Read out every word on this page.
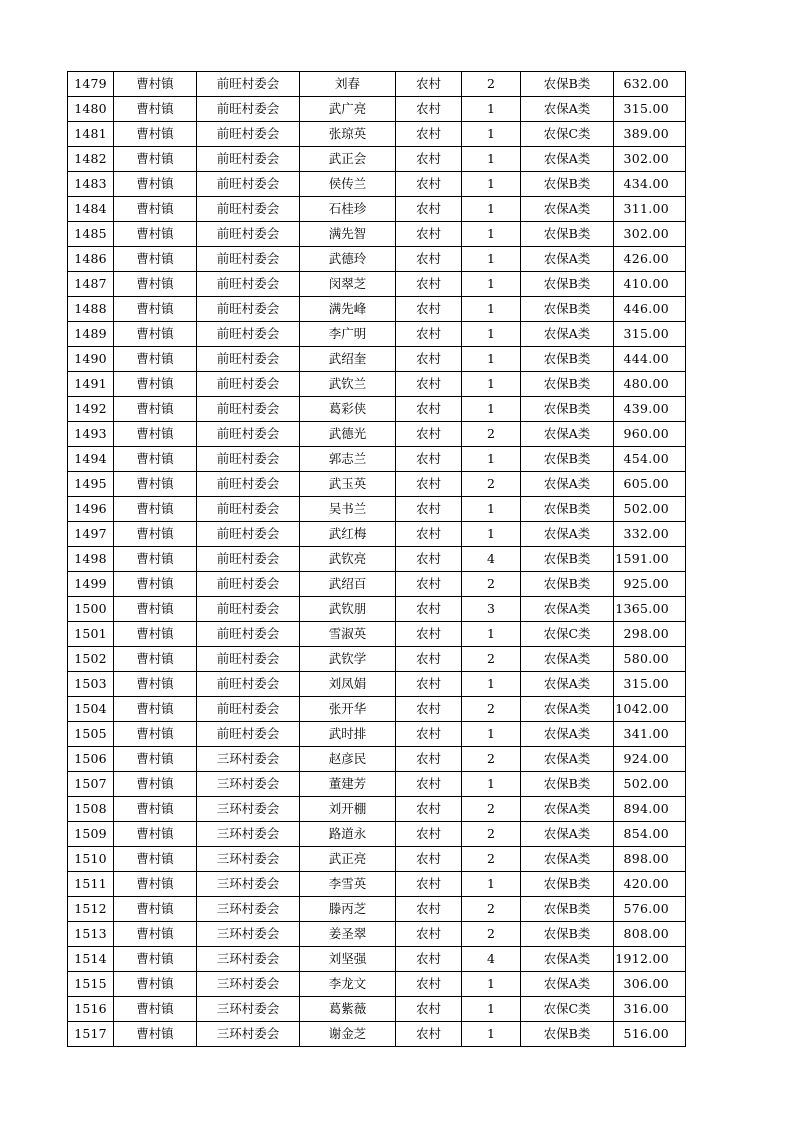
1479	曹村镇	前旺村委会	刘春	农村	2	农保B类	632.00
1480	曹村镇	前旺村委会	武广亮	农村	1	农保A类	315.00
1481	曹村镇	前旺村委会	张琼英	农村	1	农保C类	389.00
1482	曹村镇	前旺村委会	武正会	农村	1	农保A类	302.00
1483	曹村镇	前旺村委会	侯传兰	农村	1	农保B类	434.00
1484	曹村镇	前旺村委会	石桂珍	农村	1	农保A类	311.00
1485	曹村镇	前旺村委会	满先智	农村	1	农保B类	302.00
1486	曹村镇	前旺村委会	武德玲	农村	1	农保A类	426.00
1487	曹村镇	前旺村委会	闵翠芝	农村	1	农保B类	410.00
1488	曹村镇	前旺村委会	满先峰	农村	1	农保B类	446.00
1489	曹村镇	前旺村委会	李广明	农村	1	农保A类	315.00
1490	曹村镇	前旺村委会	武绍奎	农村	1	农保B类	444.00
1491	曹村镇	前旺村委会	武钦兰	农村	1	农保B类	480.00
1492	曹村镇	前旺村委会	葛彩侠	农村	1	农保B类	439.00
1493	曹村镇	前旺村委会	武德光	农村	2	农保A类	960.00
1494	曹村镇	前旺村委会	郭志兰	农村	1	农保B类	454.00
1495	曹村镇	前旺村委会	武玉英	农村	2	农保A类	605.00
1496	曹村镇	前旺村委会	吴书兰	农村	1	农保B类	502.00
1497	曹村镇	前旺村委会	武红梅	农村	1	农保A类	332.00
1498	曹村镇	前旺村委会	武钦亮	农村	4	农保B类	1591.00
1499	曹村镇	前旺村委会	武绍百	农村	2	农保B类	925.00
1500	曹村镇	前旺村委会	武钦朋	农村	3	农保A类	1365.00
1501	曹村镇	前旺村委会	雪淑英	农村	1	农保C类	298.00
1502	曹村镇	前旺村委会	武钦学	农村	2	农保A类	580.00
1503	曹村镇	前旺村委会	刘凤娟	农村	1	农保A类	315.00
1504	曹村镇	前旺村委会	张开华	农村	2	农保A类	1042.00
1505	曹村镇	前旺村委会	武时排	农村	1	农保A类	341.00
1506	曹村镇	三环村委会	赵彦民	农村	2	农保A类	924.00
1507	曹村镇	三环村委会	董建芳	农村	1	农保B类	502.00
1508	曹村镇	三环村委会	刘开棚	农村	2	农保A类	894.00
1509	曹村镇	三环村委会	路道永	农村	2	农保A类	854.00
1510	曹村镇	三环村委会	武正亮	农村	2	农保A类	898.00
1511	曹村镇	三环村委会	李雪英	农村	1	农保B类	420.00
1512	曹村镇	三环村委会	滕丙芝	农村	2	农保B类	576.00
1513	曹村镇	三环村委会	姜圣翠	农村	2	农保B类	808.00
1514	曹村镇	三环村委会	刘坚强	农村	4	农保A类	1912.00
1515	曹村镇	三环村委会	李龙文	农村	1	农保A类	306.00
1516	曹村镇	三环村委会	葛紫薇	农村	1	农保C类	316.00
1517	曹村镇	三环村委会	谢金芝	农村	1	农保B类	516.00
